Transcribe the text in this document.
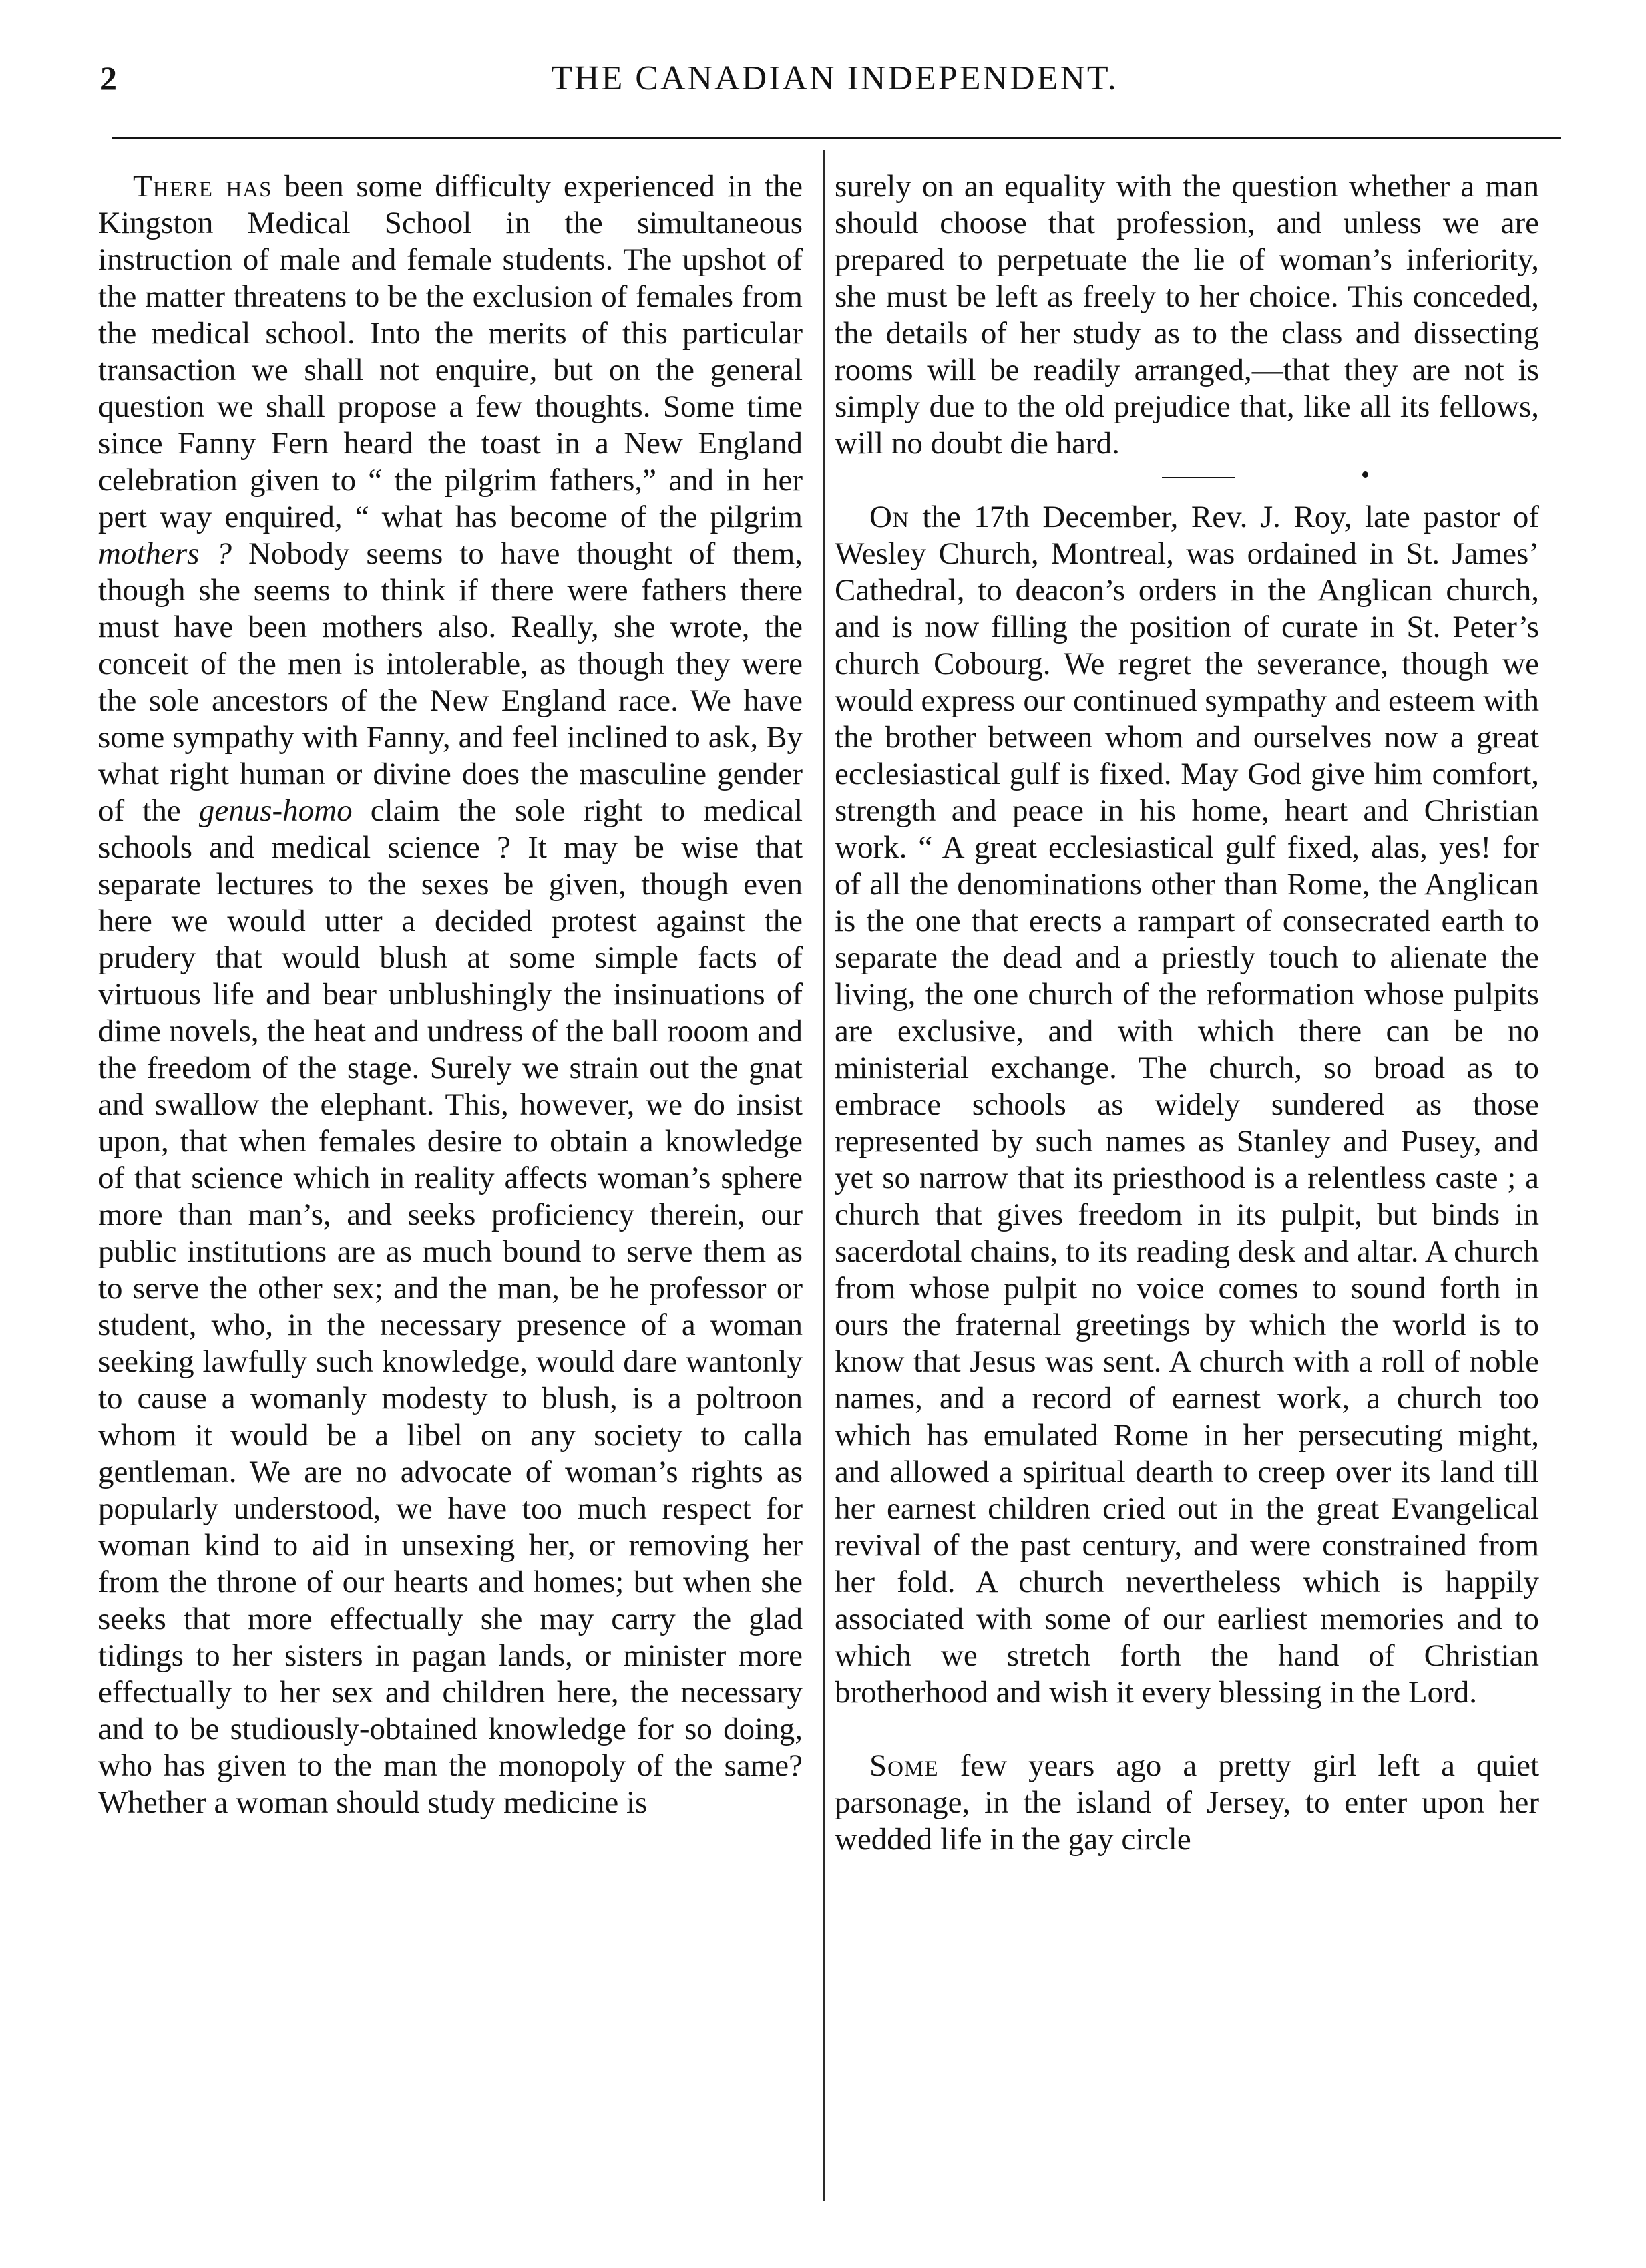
2	THE CANADIAN INDEPENDENT.

There has been some difficulty experienced in the Kingston Medical School in the simultaneous instruction of male and female students. The upshot of the matter threatens to be the exclusion of females from the medical school. Into the merits of this particular transaction we shall not enquire, but on the general question we shall propose a few thoughts. Some time since Fanny Fern heard the toast in a New England celebration given to “ the pilgrim fathers,” and in her pert way enquired, “ what has become of the pilgrim mothers ? Nobody seems to have thought of them, though she seems to think if there were fathers there must have been mothers also. Really, she wrote, the conceit of the men is intolerable, as though they were the sole ancestors of the New England race. We have some sympathy with Fanny, and feel inclined to ask, By what right human or divine does the masculine gender of the genus-homo claim the sole right to medical schools and medical science ? It may be wise that separate lectures to the sexes be given, though even here we would utter a decided protest against the prudery that would blush at some simple facts of virtuous life and bear unblushingly the insinuations of dime novels, the heat and undress of the ball rooom and the freedom of the stage. Surely we strain out the gnat and swallow the elephant. This, however, we do insist upon, that when females desire to obtain a knowledge of that science which in reality affects woman’s sphere more than man’s, and seeks proficiency therein, our public institutions are as much bound to serve them as to serve the other sex; and the man, be he professor or student, who, in the necessary presence of a woman seeking lawfully such knowledge, would dare wantonly to cause a womanly modesty to blush, is a poltroon whom it would be a libel on any society to calla gentleman. We are no advocate of woman’s rights as popularly understood, we have too much respect for woman kind to aid in unsexing her, or removing her from the throne of our hearts and homes; but when she seeks that more effectually she may carry the glad tidings to her sisters in pagan lands, or minister more effectually to her sex and children here, the necessary and to be studiously-obtained knowledge for so doing, who has given to the man the monopoly of the same? Whether a woman should study medicine is

surely on an equality with the question whether a man should choose that profession, and unless we are prepared to perpetuate the lie of woman’s inferiority, she must be left as freely to her choice. This conceded, the details of her study as to the class and dissecting rooms will be readily arranged,—that they are not is simply due to the old prejudice that, like all its fellows, will no doubt die hard.

On the 17th December, Rev. J. Roy, late pastor of Wesley Church, Montreal, was ordained in St. James’ Cathedral, to deacon’s orders in the Anglican church, and is now filling the position of curate in St. Peter’s church Cobourg. We regret the severance, though we would express our continued sympathy and esteem with the brother between whom and ourselves now a great ecclesiastical gulf is fixed. May God give him comfort, strength and peace in his home, heart and Christian work. “ A great ecclesiastical gulf fixed, alas, yes! for of all the denominations other than Rome, the Anglican is the one that erects a rampart of consecrated earth to separate the dead and a priestly touch to alienate the living, the one church of the reformation whose pulpits are exclusive, and with which there can be no ministerial exchange. The church, so broad as to embrace schools as widely sundered as those represented by such names as Stanley and Pusey, and yet so narrow that its priesthood is a relentless caste ; a church that gives freedom in its pulpit, but binds in sacerdotal chains, to its reading desk and altar. A church from whose pulpit no voice comes to sound forth in ours the fraternal greetings by which the world is to know that Jesus was sent. A church with a roll of noble names, and a record of earnest work, a church too which has emulated Rome in her persecuting might, and allowed a spiritual dearth to creep over its land till her earnest children cried out in the great Evangelical revival of the past century, and were constrained from her fold. A church nevertheless which is happily associated with some of our earliest memories and to which we stretch forth the hand of Christian brotherhood and wish it every blessing in the Lord.

Some few years ago a pretty girl left a quiet parsonage, in the island of Jersey, to enter upon her wedded life in the gay circle
